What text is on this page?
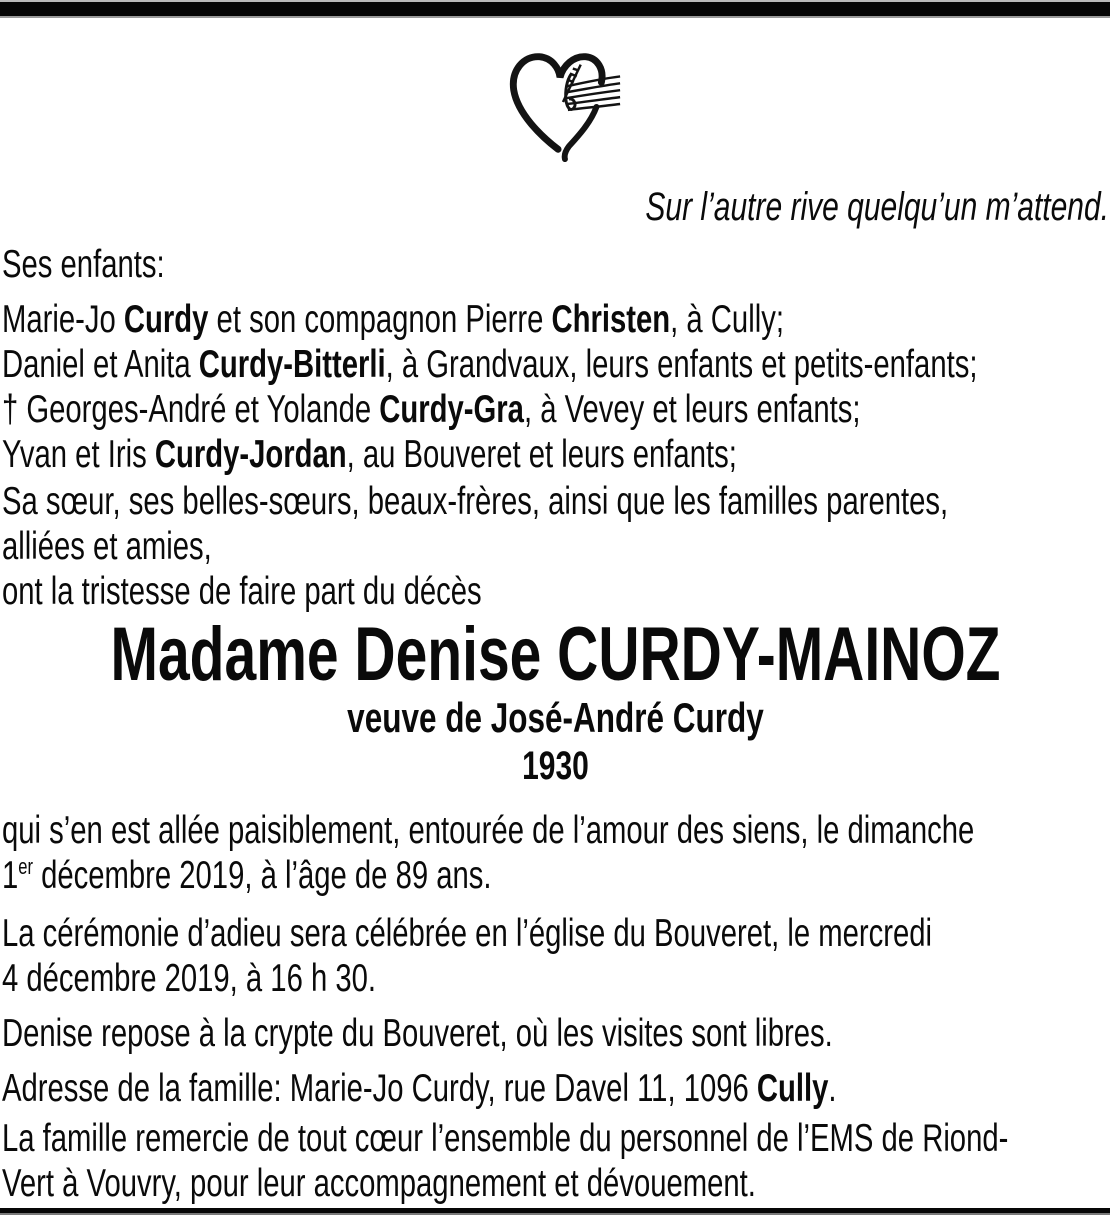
Sur l’autre rive quelqu’un m’attend.

Ses enfants:

Marie-Jo Curdy et son compagnon Pierre Christen, à Cully;

Daniel et Anita Curdy-Bitterli, à Grandvaux, leurs enfants et petits-enfants;

† Georges-André et Yolande Curdy-Gra, à Vevey et leurs enfants;

Yvan et Iris Curdy-Jordan, au Bouveret et leurs enfants;

Sa sœur, ses belles-sœurs, beaux-frères, ainsi que les familles parentes,
alliées et amies,
ont la tristesse de faire part du décès

Madame Denise CURDY-MAINOZ

veuve de José-André Curdy

1930

qui s’en est allée paisiblement, entourée de l’amour des siens, le dimanche
1er décembre 2019, à l’âge de 89 ans.

La cérémonie d’adieu sera célébrée en l’église du Bouveret, le mercredi
4 décembre 2019, à 16 h 30.

Denise repose à la crypte du Bouveret, où les visites sont libres.

Adresse de la famille: Marie-Jo Curdy, rue Davel 11, 1096 Cully.

La famille remercie de tout cœur l’ensemble du personnel de l’EMS de Riond-
Vert à Vouvry, pour leur accompagnement et dévouement.
